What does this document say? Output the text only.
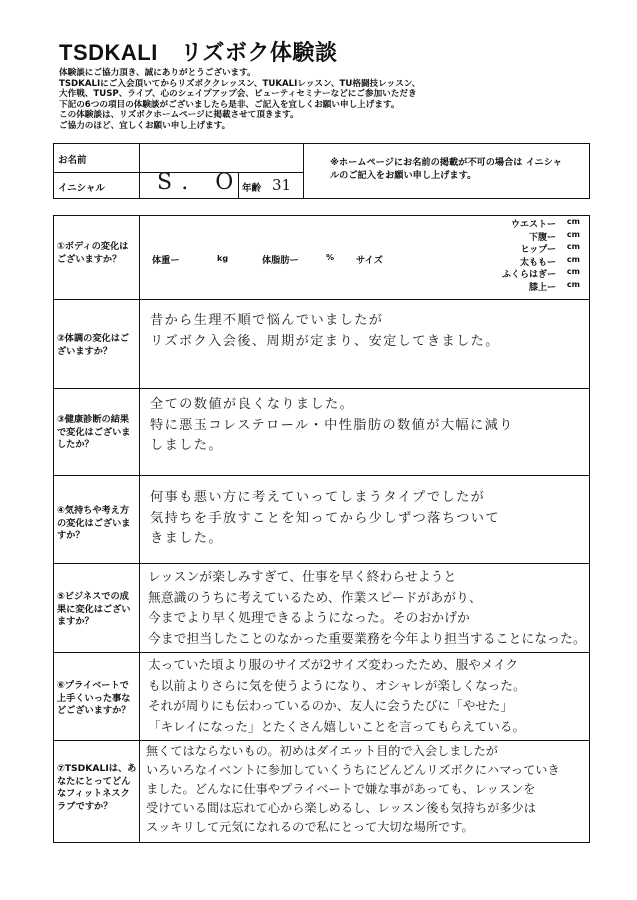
TSDKALI　リズボク体験談
体験談にご協力頂き、誠にありがとうございます。
TSDKALIにご入会頂いてからリズボククレッスン、TUKALIレッスン、TU格闘技レッスン、
大作戦、TUSP、ライブ、心のシェイプアップ会、ビューティセミナーなどにご参加いただき
下記の6つの項目の体験談がございましたら是非、ご記入を宜しくお願い申し上げます。
この体験談は、リズボクホームページに掲載させて頂きます。
ご協力のほど、宜しくお願い申し上げます。
お名前
イニシャル S. O
年齢 31
※ホームページにお名前の掲載が不可の場合は イニシャルのご記入をお願い申し上げます。
①ボディの変化はございますか？	体重ー	kg	体脂肪ー	% サイズ
ウエストー cm
下腹ー cm
ヒップー cm
太ももー cm
ふくらはぎー cm
膝上ー cm
②体調の変化はございますか？
昔から生理不順で悩んでいましたが
リズボク入会後、周期が定まり、安定してきました。
③健康診断の結果で変化はございましたか？
全ての数値が良くなりました。
特に悪玉コレステロール・中性脂肪の数値が大幅に減り
しました。
④気持ちや考え方の変化はございますか？
何事も悪い方に考えていってしまうタイプでしたが
気持ちを手放すことを知ってから少しずつ落ちついて
きました。
⑤ビジネスでの成果に変化はございますか？
レッスンが楽しみすぎて、仕事を早く終わらせようと
無意識のうちに考えているため、作業スピードがあがり、
今までより早く処理できるようになった。そのおかげか
今まで担当したことのなかった重要業務を今年より担当することになった。
⑥プライベートで上手くいった事などございますか？
太っていた頃より服のサイズが2サイズ変わったため、服やメイク
も以前よりさらに気を使うようになり、オシャレが楽しくなった。
それが周りにも伝わっているのか、友人に会うたびに「やせた」
「キレイになった」とたくさん嬉しいことを言ってもらえている。
⑦TSDKALIは、あなたにとってどんなフィットネスクラブですか？
無くてはならないもの。初めはダイエット目的で入会しましたが
いろいろなイベントに参加していくうちにどんどんリズボクにハマっていき
ました。どんなに仕事やプライベートで嫌な事があっても、レッスンを
受けている間は忘れて心から楽しめるし、レッスン後も気持ちが多少は
スッキリして元気になれるので私にとって大切な場所です。
